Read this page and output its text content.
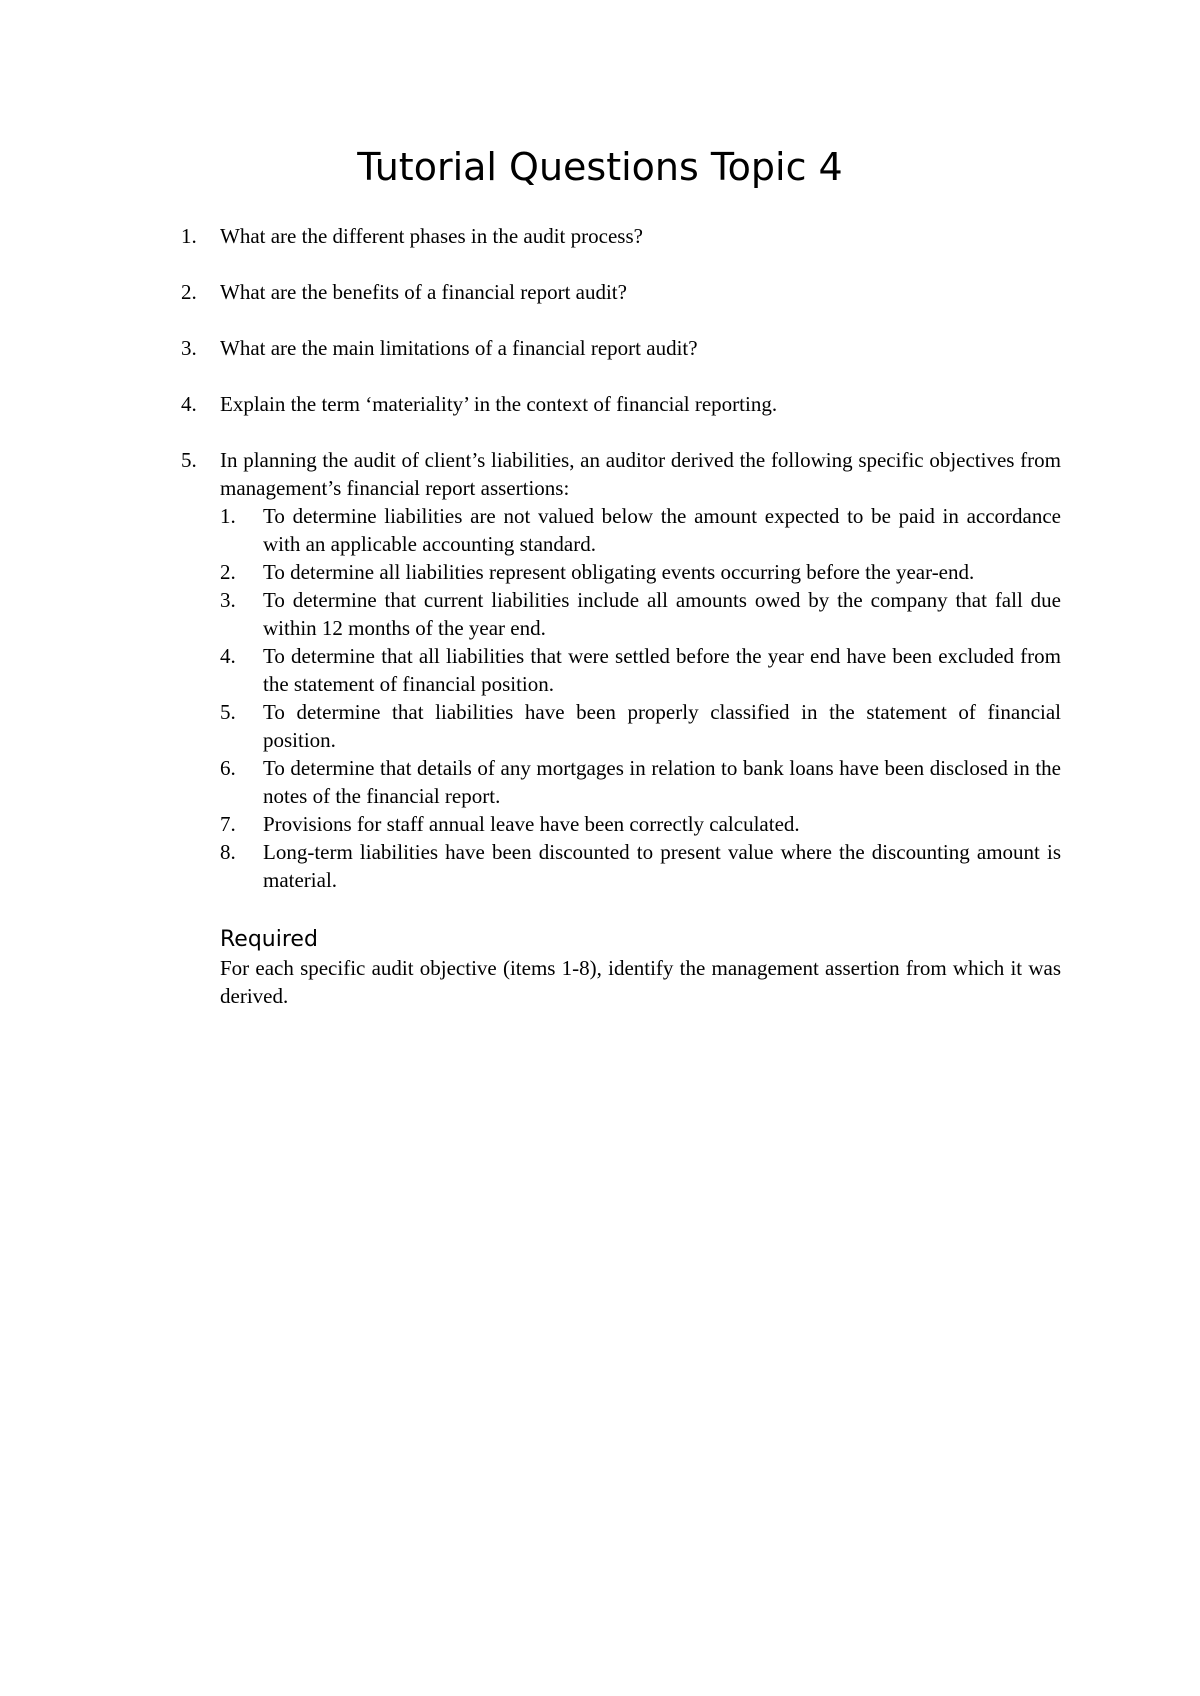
Tutorial Questions Topic 4
1. What are the different phases in the audit process?
2. What are the benefits of a financial report audit?
3. What are the main limitations of a financial report audit?
4. Explain the term ‘materiality’ in the context of financial reporting.
5. In planning the audit of client’s liabilities, an auditor derived the following specific objectives from management’s financial report assertions:
1. To determine liabilities are not valued below the amount expected to be paid in accordance with an applicable accounting standard.
2. To determine all liabilities represent obligating events occurring before the year-end.
3. To determine that current liabilities include all amounts owed by the company that fall due within 12 months of the year end.
4. To determine that all liabilities that were settled before the year end have been excluded from the statement of financial position.
5. To determine that liabilities have been properly classified in the statement of financial position.
6. To determine that details of any mortgages in relation to bank loans have been disclosed in the notes of the financial report.
7. Provisions for staff annual leave have been correctly calculated.
8. Long-term liabilities have been discounted to present value where the discounting amount is material.
Required

For each specific audit objective (items 1-8), identify the management assertion from which it was derived.
